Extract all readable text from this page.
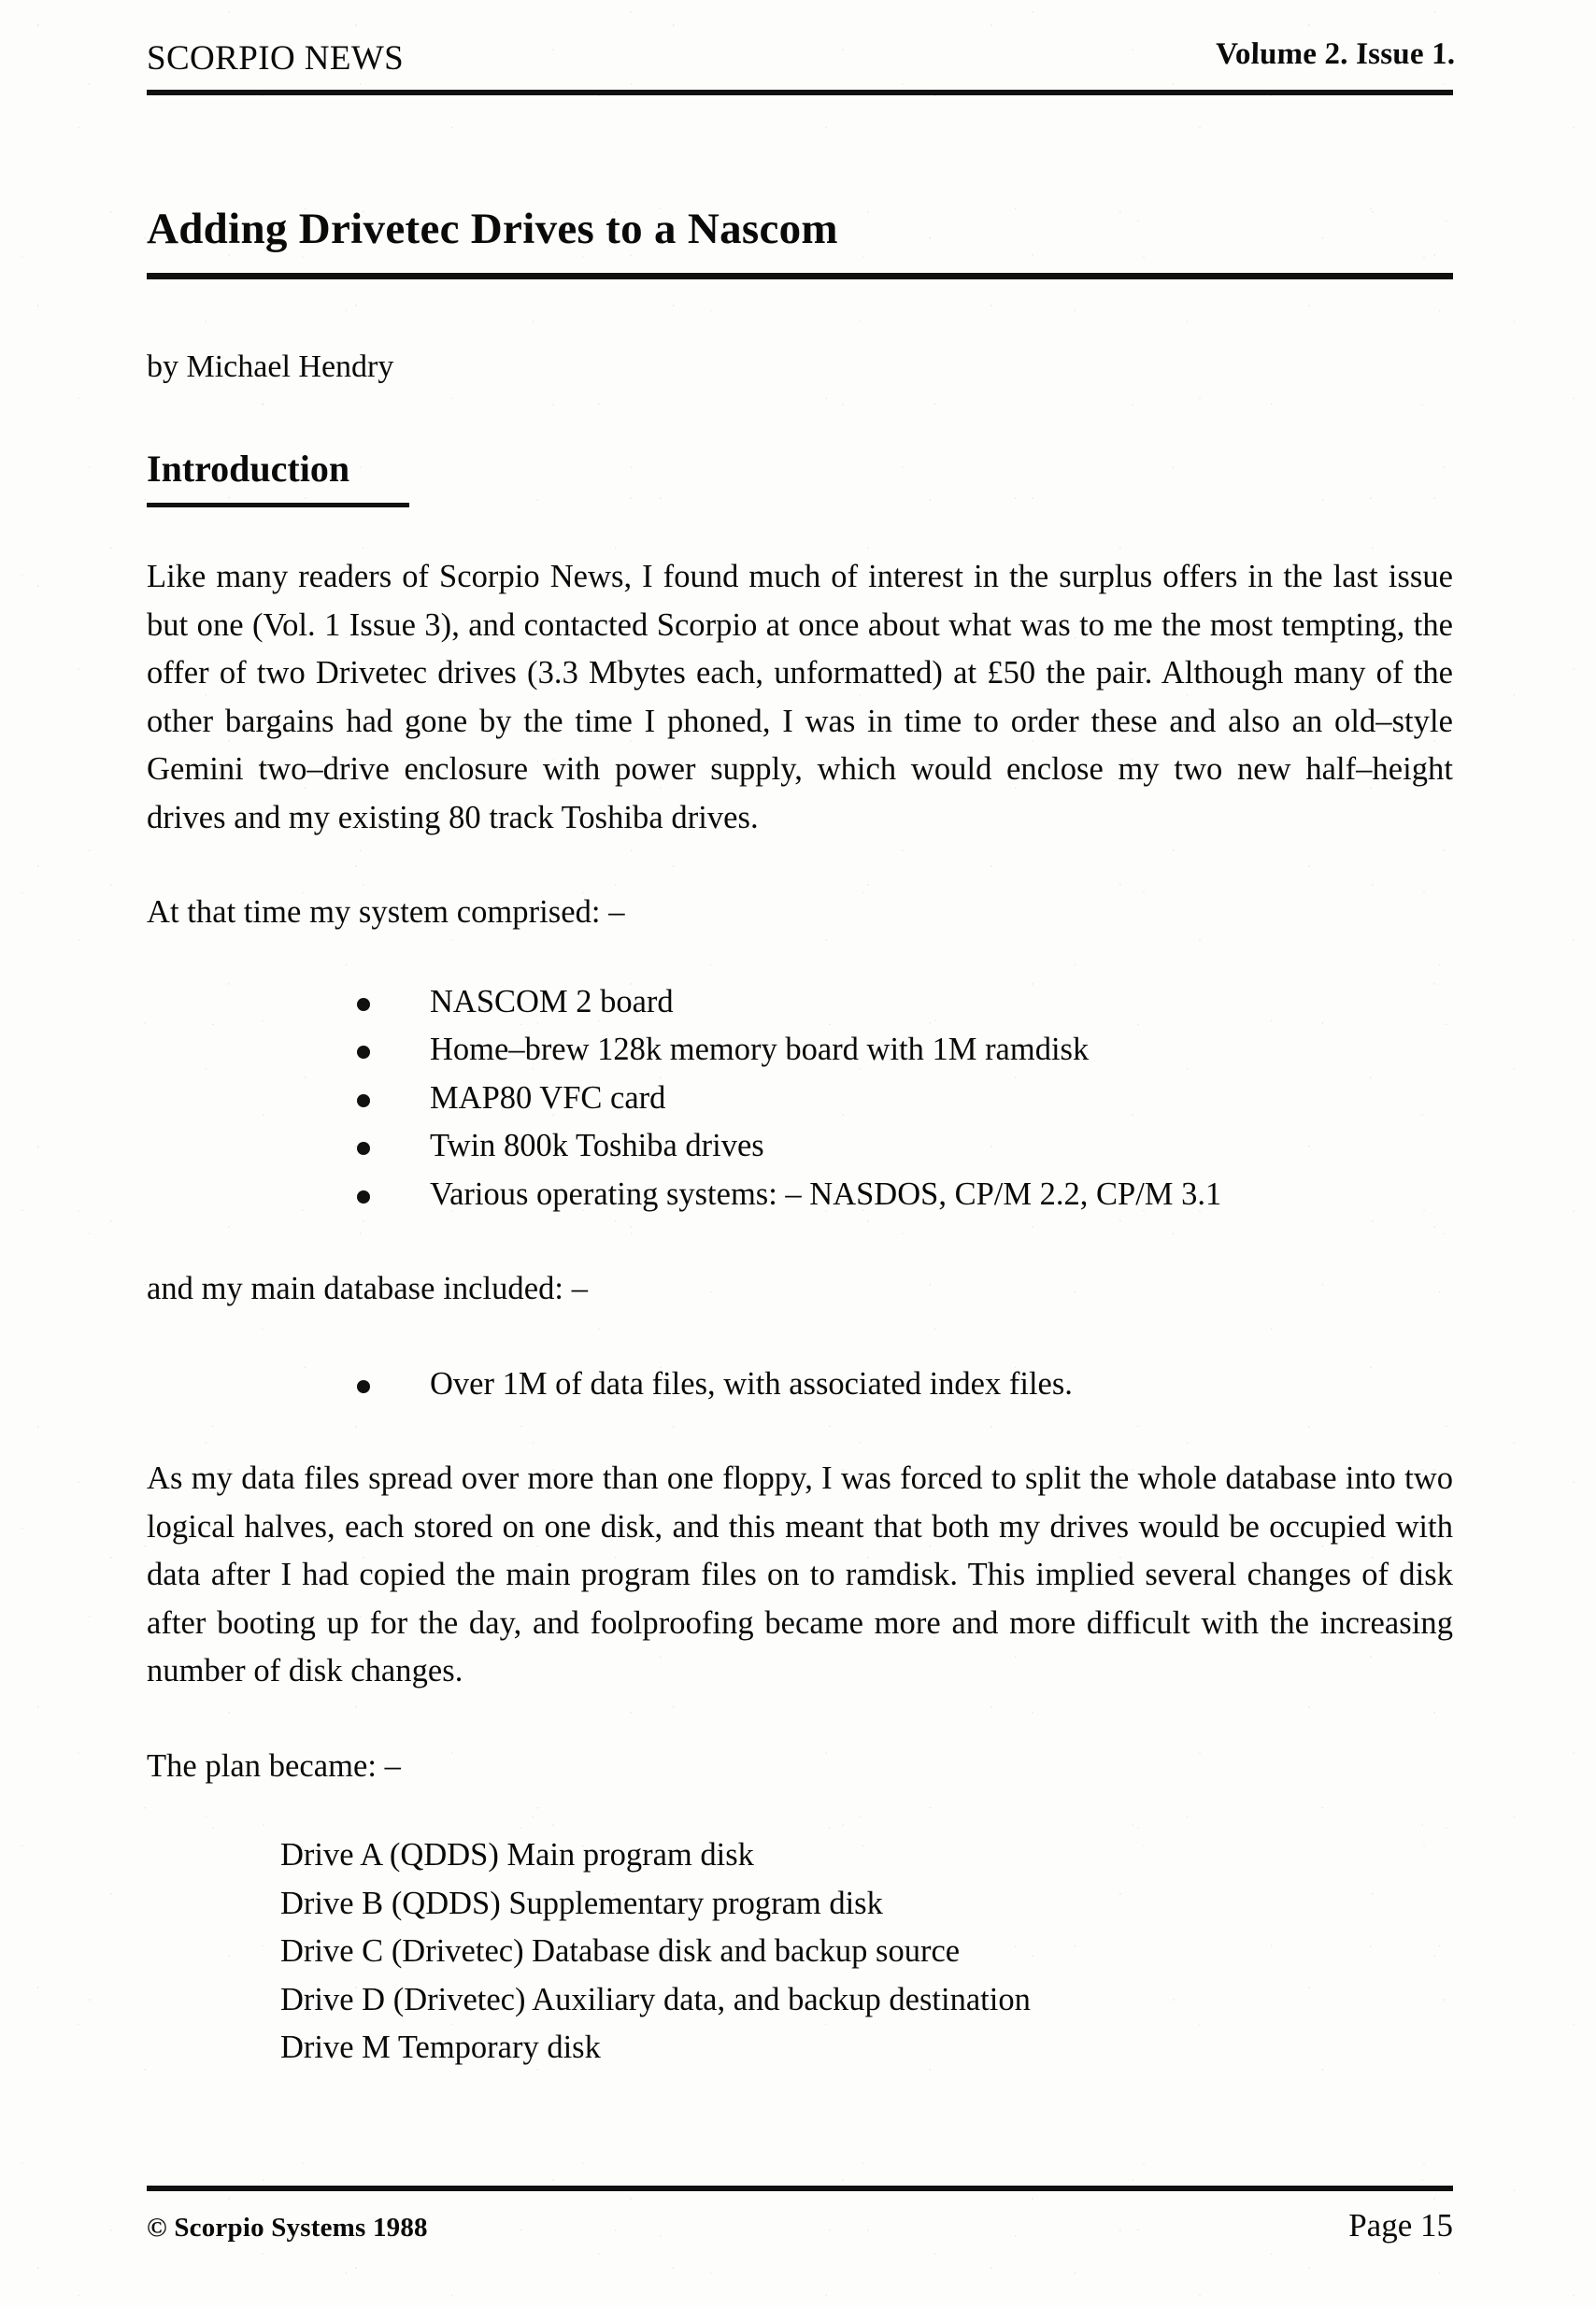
SCORPIO NEWS	Volume 2. Issue 1.
Adding Drivetec Drives to a Nascom
by Michael Hendry
Introduction

Like many readers of Scorpio News, I found much of interest in the surplus offers in the last issue but one (Vol. 1 Issue 3), and contacted Scorpio at once about what was to me the most tempting, the offer of two Drivetec drives (3.3 Mbytes each, unformatted) at £50 the pair. Although many of the other bargains had gone by the time I phoned, I was in time to order these and also an old–style Gemini two–drive enclosure with power supply, which would enclose my two new half–height drives and my existing 80 track Toshiba drives.

At that time my system comprised: –

NASCOM 2 board
Home–brew 128k memory board with 1M ramdisk
MAP80 VFC card
Twin 800k Toshiba drives
Various operating systems: – NASDOS, CP/M 2.2, CP/M 3.1

and my main database included: –

Over 1M of data files, with associated index files.

As my data files spread over more than one floppy, I was forced to split the whole database into two logical halves, each stored on one disk, and this meant that both my drives would be occupied with data after I had copied the main program files on to ramdisk. This implied several changes of disk after booting up for the day, and foolproofing became more and more difficult with the increasing number of disk changes.

The plan became: –

Drive A (QDDS) Main program disk
Drive B (QDDS) Supplementary program disk
Drive C (Drivetec) Database disk and backup source
Drive D (Drivetec) Auxiliary data, and backup destination
Drive M Temporary disk
© Scorpio Systems 1988	Page 15
